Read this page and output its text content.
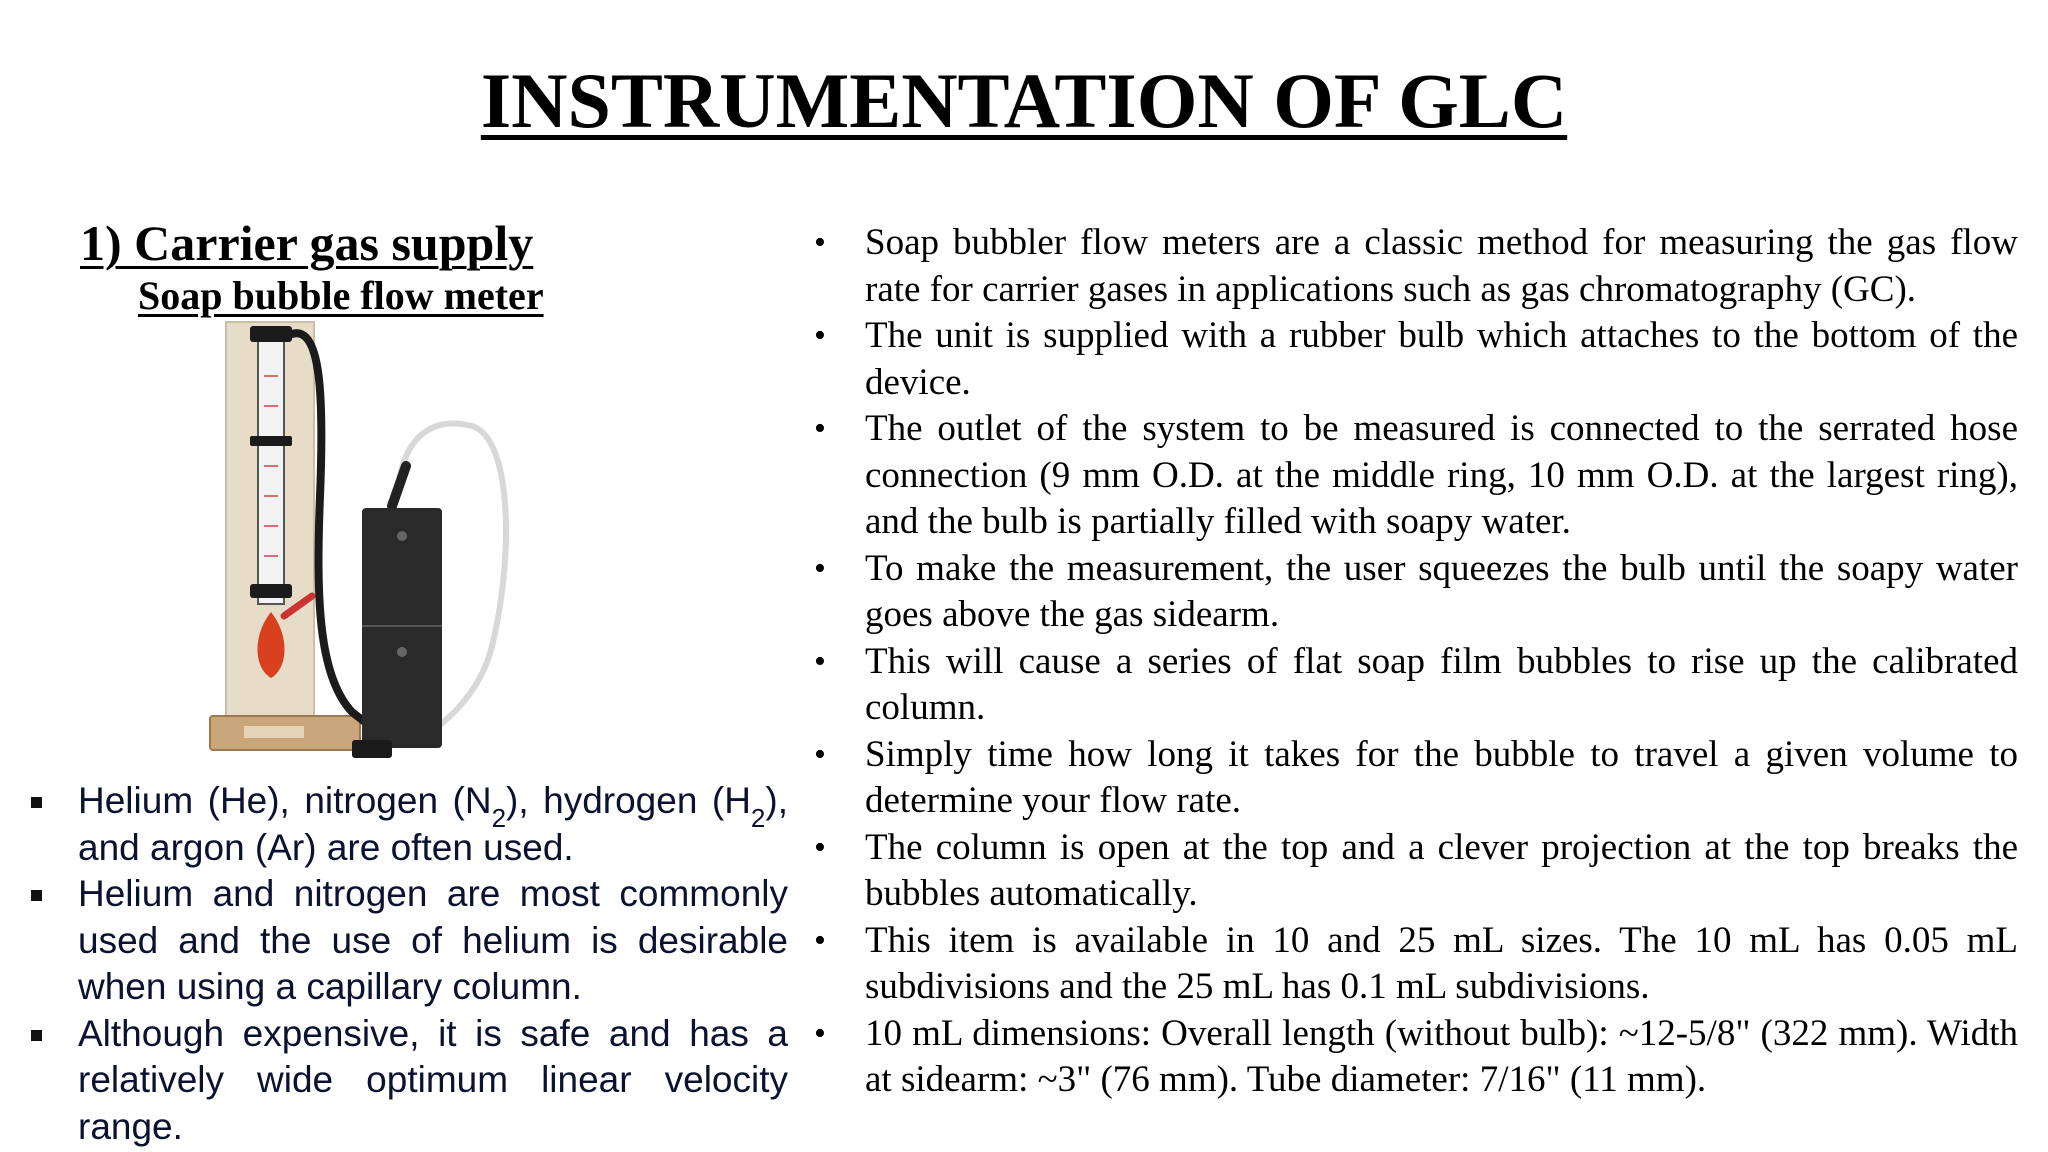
INSTRUMENTATION OF GLC
1) Carrier gas supply
Soap bubble flow meter
Helium (He), nitrogen $(N_2)$, hydrogen $(H_2)$, and argon (Ar) are often used.
Helium and nitrogen are most commonly used and the use of helium is desirable when using a capillary column.
Although expensive, it is safe and has a relatively wide optimum linear velocity range.
• Soap bubbler flow meters are a classic method for measuring the gas flow rate for carrier gases in applications such as gas chromatography (GC).
• The unit is supplied with a rubber bulb which attaches to the bottom of the device.
• The outlet of the system to be measured is connected to the serrated hose connection (9 mm O.D. at the middle ring, 10 mm O.D. at the largest ring), and the bulb is partially filled with soapy water.
• To make the measurement, the user squeezes the bulb until the soapy water goes above the gas sidearm.
• This will cause a series of flat soap film bubbles to rise up the calibrated column.
• Simply time how long it takes for the bubble to travel a given volume to determine your flow rate.
• The column is open at the top and a clever projection at the top breaks the bubbles automatically.
• This item is available in 10 and 25 mL sizes. The 10 mL has 0.05 mL subdivisions and the 25 mL has 0.1 mL subdivisions.
• 10 mL dimensions: Overall length (without bulb): ~12-5/8" (322 mm). Width at sidearm: ~3" (76 mm). Tube diameter: 7/16" (11 mm).
